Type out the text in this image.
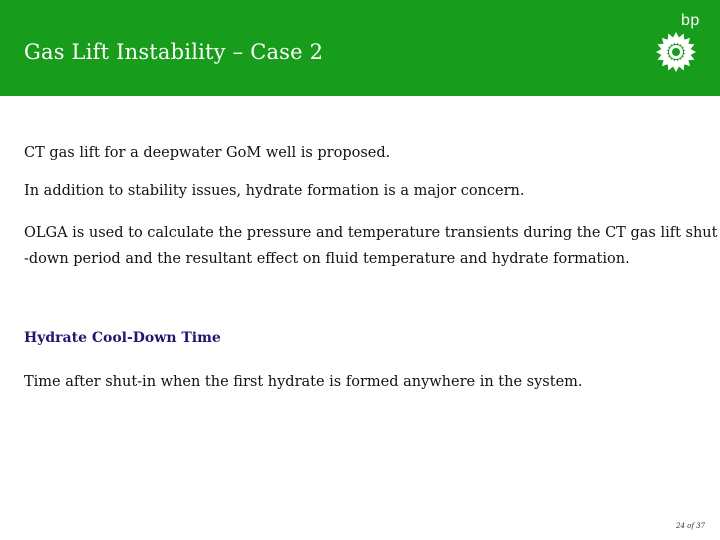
Gas Lift Instability – Case 2
bp

CT gas lift for a deepwater GoM well is proposed.

In addition to stability issues, hydrate formation is a major concern.

OLGA is used to calculate the pressure and temperature transients during the CT gas lift shut
-down period and the resultant effect on fluid temperature and hydrate formation.
Hydrate Cool-Down Time

Time after shut-in when the first hydrate is formed anywhere in the system.

24 of 37
